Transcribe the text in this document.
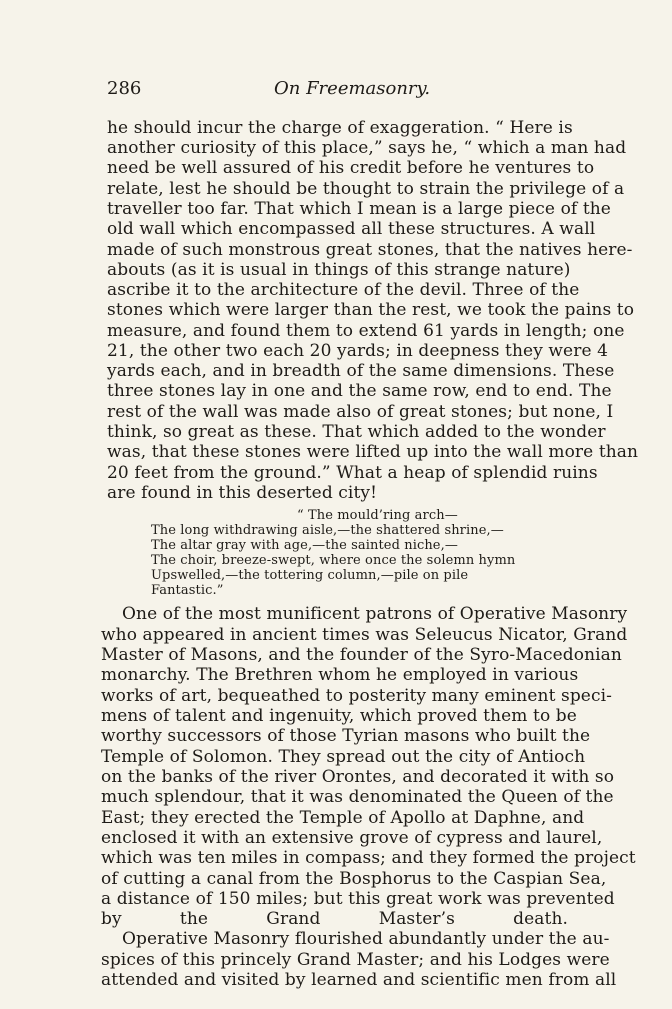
286	On Freemasonry.
he should incur the charge of exaggeration. “ Here is
another curiosity of this place,” says he, “ which a man had
need be well assured of his credit before he ventures to
relate, lest he should be thought to strain the privilege of a
traveller too far. That which I mean is a large piece of the
old wall which encompassed all these structures. A wall
made of such monstrous great stones, that the natives here-
abouts (as it is usual in things of this strange nature)
ascribe it to the architecture of the devil. Three of the
stones which were larger than the rest, we took the pains to
measure, and found them to extend 61 yards in length; one
21, the other two each 20 yards; in deepness they were 4
yards each, and in breadth of the same dimensions. These
three stones lay in one and the same row, end to end. The
rest of the wall was made also of great stones; but none, I
think, so great as these. That which added to the wonder
was, that these stones were lifted up into the wall more than
20 feet from the ground.” What a heap of splendid ruins
are found in this deserted city!
“ The mould’ring arch—
The long withdrawing aisle,—the shattered shrine,—
The altar gray with age,—the sainted niche,—
The choir, breeze-swept, where once the solemn hymn
Upswelled,—the tottering column,—pile on pile
Fantastic.”
One of the most munificent patrons of Operative Masonry
who appeared in ancient times was Seleucus Nicator, Grand
Master of Masons, and the founder of the Syro-Macedonian
monarchy. The Brethren whom he employed in various
works of art, bequeathed to posterity many eminent speci-
mens of talent and ingenuity, which proved them to be
worthy successors of those Tyrian masons who built the
Temple of Solomon. They spread out the city of Antioch
on the banks of the river Orontes, and decorated it with so
much splendour, that it was denominated the Queen of the
East; they erected the Temple of Apollo at Daphne, and
enclosed it with an extensive grove of cypress and laurel,
which was ten miles in compass; and they formed the project
of cutting a canal from the Bosphorus to the Caspian Sea,
a distance of 150 miles; but this great work was prevented
by the Grand Master’s death.
Operative Masonry flourished abundantly under the au-
spices of this princely Grand Master; and his Lodges were
attended and visited by learned and scientific men from all
